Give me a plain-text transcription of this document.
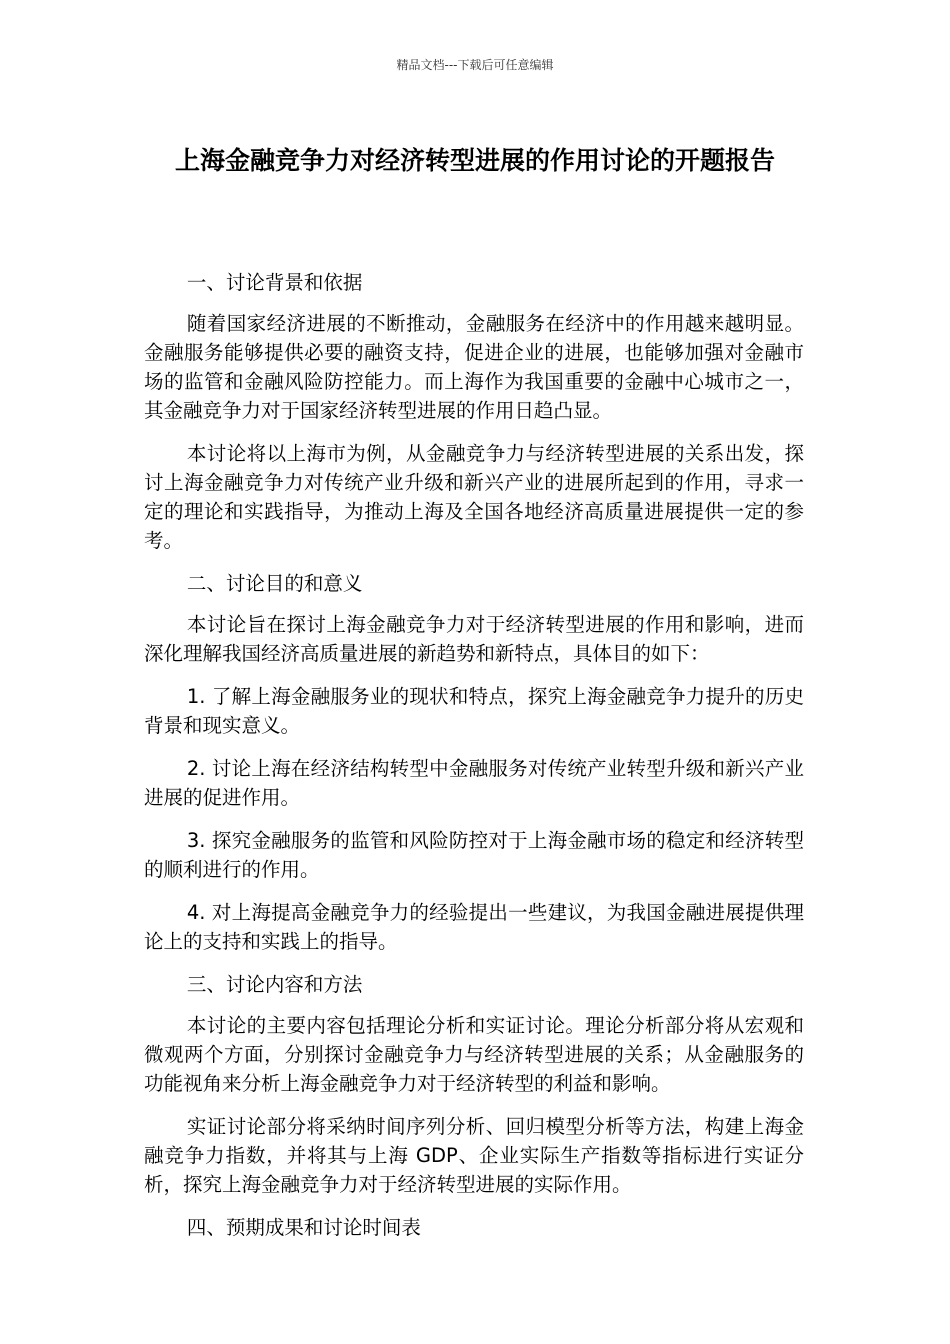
精品文档---下载后可任意编辑
上海金融竞争力对经济转型进展的作用讨论的开题报告

一、讨论背景和依据

随着国家经济进展的不断推动，金融服务在经济中的作用越来越明显。金融服务能够提供必要的融资支持，促进企业的进展，也能够加强对金融市场的监管和金融风险防控能力。而上海作为我国重要的金融中心城市之一，其金融竞争力对于国家经济转型进展的作用日趋凸显。

本讨论将以上海市为例，从金融竞争力与经济转型进展的关系出发，探讨上海金融竞争力对传统产业升级和新兴产业的进展所起到的作用，寻求一定的理论和实践指导，为推动上海及全国各地经济高质量进展提供一定的参考。

二、讨论目的和意义

本讨论旨在探讨上海金融竞争力对于经济转型进展的作用和影响，进而深化理解我国经济高质量进展的新趋势和新特点，具体目的如下：

1. 了解上海金融服务业的现状和特点，探究上海金融竞争力提升的历史背景和现实意义。

2. 讨论上海在经济结构转型中金融服务对传统产业转型升级和新兴产业进展的促进作用。

3. 探究金融服务的监管和风险防控对于上海金融市场的稳定和经济转型的顺利进行的作用。

4. 对上海提高金融竞争力的经验提出一些建议，为我国金融进展提供理论上的支持和实践上的指导。

三、讨论内容和方法

本讨论的主要内容包括理论分析和实证讨论。理论分析部分将从宏观和微观两个方面，分别探讨金融竞争力与经济转型进展的关系；从金融服务的功能视角来分析上海金融竞争力对于经济转型的利益和影响。

实证讨论部分将采纳时间序列分析、回归模型分析等方法，构建上海金融竞争力指数，并将其与上海 GDP、企业实际生产指数等指标进行实证分析，探究上海金融竞争力对于经济转型进展的实际作用。

四、预期成果和讨论时间表
